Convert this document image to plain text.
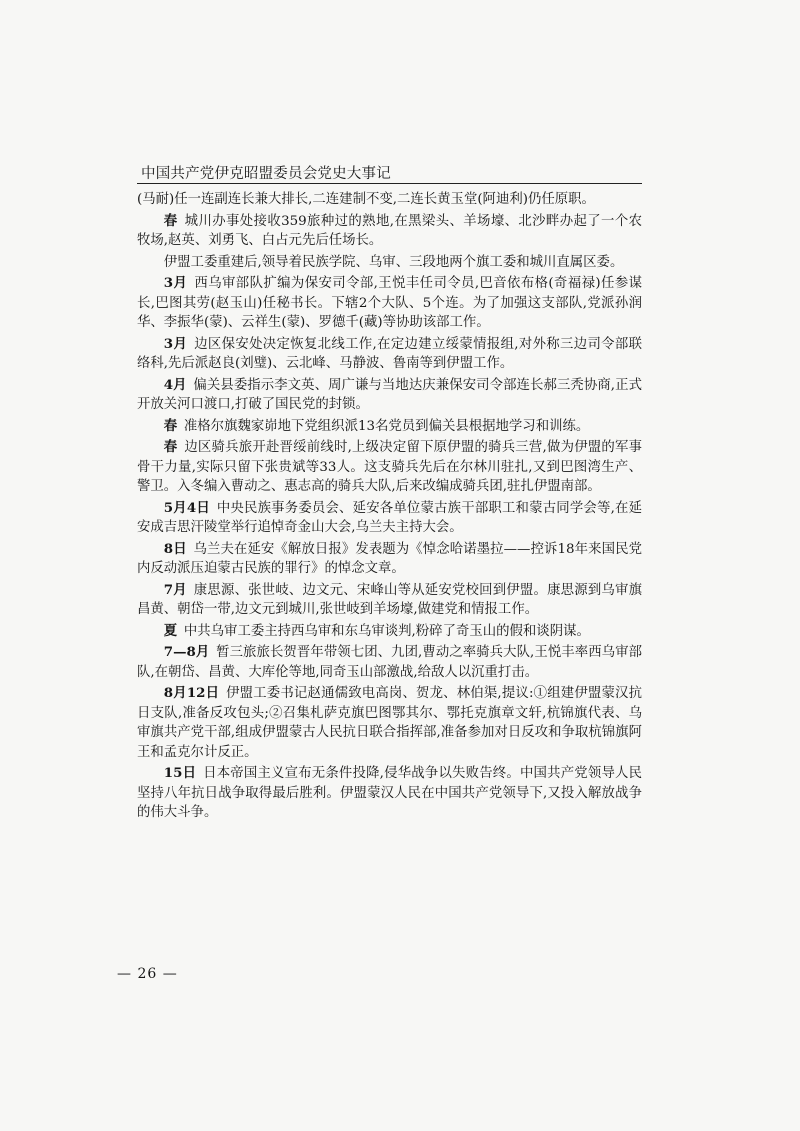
中国共产党伊克昭盟委员会党史大事记

(马耐)任一连副连长兼大排长,二连建制不变,二连长黄玉堂(阿迪利)仍任原职。

春  城川办事处接收359旅种过的熟地,在黑梁头、羊场壕、北沙畔办起了一个农牧场,赵英、刘勇飞、白占元先后任场长。

伊盟工委重建后,领导着民族学院、乌审、三段地两个旗工委和城川直属区委。

3月  西乌审部队扩编为保安司令部,王悦丰任司令员,巴音依布格(奇福禄)任参谋长,巴图其劳(赵玉山)任秘书长。下辖2个大队、5个连。为了加强这支部队,党派孙润华、李振华(蒙)、云祥生(蒙)、罗德千(藏)等协助该部工作。

3月  边区保安处决定恢复北线工作,在定边建立绥蒙情报组,对外称三边司令部联络科,先后派赵良(刘璧)、云北峰、马静波、鲁南等到伊盟工作。

4月  偏关县委指示李文英、周广谦与当地达庆兼保安司令部连长郝三秃协商,正式开放关河口渡口,打破了国民党的封锁。

春  准格尔旗魏家峁地下党组织派13名党员到偏关县根据地学习和训练。

春  边区骑兵旅开赴晋绥前线时,上级决定留下原伊盟的骑兵三营,做为伊盟的军事骨干力量,实际只留下张贵斌等33人。这支骑兵先后在尔林川驻扎,又到巴图湾生产、警卫。入冬编入曹动之、惠志高的骑兵大队,后来改编成骑兵团,驻扎伊盟南部。

5月4日  中央民族事务委员会、延安各单位蒙古族干部职工和蒙古同学会等,在延安成吉思汗陵堂举行追悼奇金山大会,乌兰夫主持大会。

8日  乌兰夫在延安《解放日报》发表题为《悼念哈诺墨拉——控诉18年来国民党内反动派压迫蒙古民族的罪行》的悼念文章。

7月  康思源、张世岐、边文元、宋峰山等从延安党校回到伊盟。康思源到乌审旗昌黄、朝岱一带,边文元到城川,张世岐到羊场壕,做建党和情报工作。

夏  中共乌审工委主持西乌审和东乌审谈判,粉碎了奇玉山的假和谈阴谋。

7—8月  暂三旅旅长贺晋年带领七团、九团,曹动之率骑兵大队,王悦丰率西乌审部队,在朝岱、昌黄、大库伦等地,同奇玉山部激战,给敌人以沉重打击。

8月12日  伊盟工委书记赵通儒致电高岗、贺龙、林伯渠,提议:①组建伊盟蒙汉抗日支队,准备反攻包头;②召集札萨克旗巴图鄂其尔、鄂托克旗章文轩,杭锦旗代表、乌审旗共产党干部,组成伊盟蒙古人民抗日联合指挥部,准备参加对日反攻和争取杭锦旗阿王和孟克尔计反正。

15日  日本帝国主义宣布无条件投降,侵华战争以失败告终。中国共产党领导人民坚持八年抗日战争取得最后胜利。伊盟蒙汉人民在中国共产党领导下,又投入解放战争的伟大斗争。

— 26 —
